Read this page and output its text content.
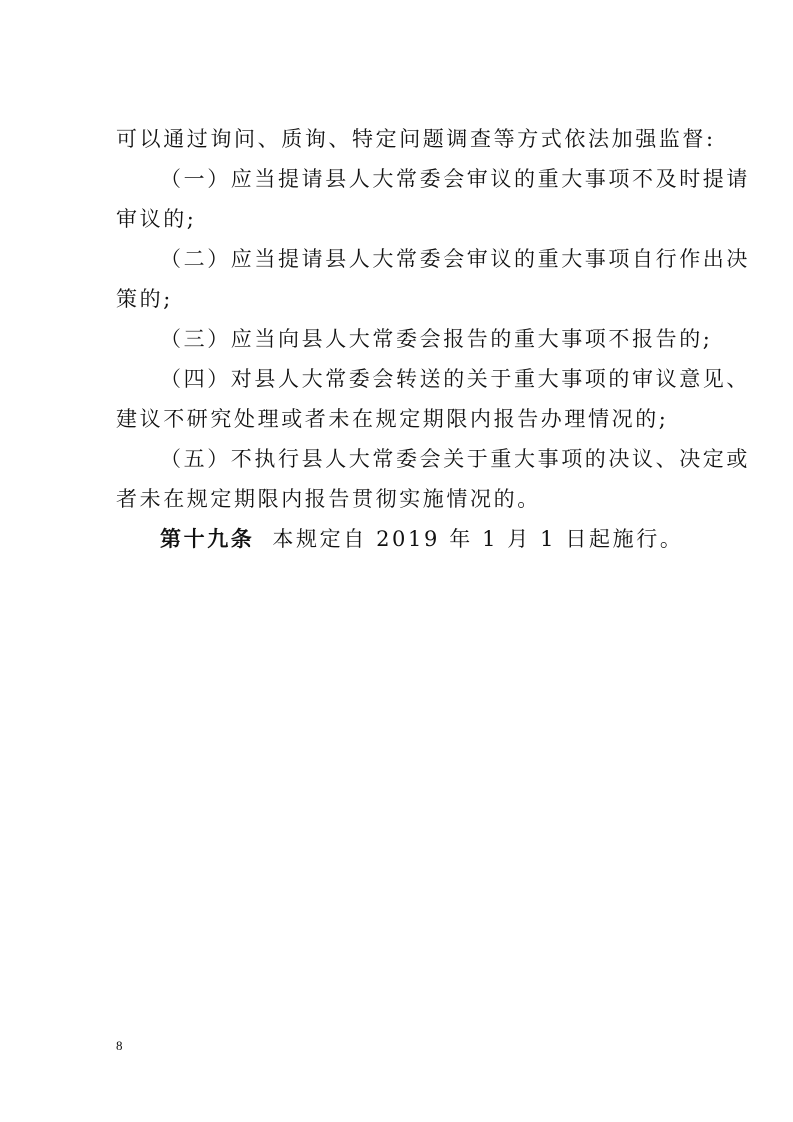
可以通过询问、质询、特定问题调查等方式依法加强监督:
（一）应当提请县人大常委会审议的重大事项不及时提请
审议的;
（二）应当提请县人大常委会审议的重大事项自行作出决
策的;
（三）应当向县人大常委会报告的重大事项不报告的;
（四）对县人大常委会转送的关于重大事项的审议意见、
建议不研究处理或者未在规定期限内报告办理情况的;
（五）不执行县人大常委会关于重大事项的决议、决定或
者未在规定期限内报告贯彻实施情况的。
第十九条 本规定自 2019 年 1 月 1 日起施行。
8
